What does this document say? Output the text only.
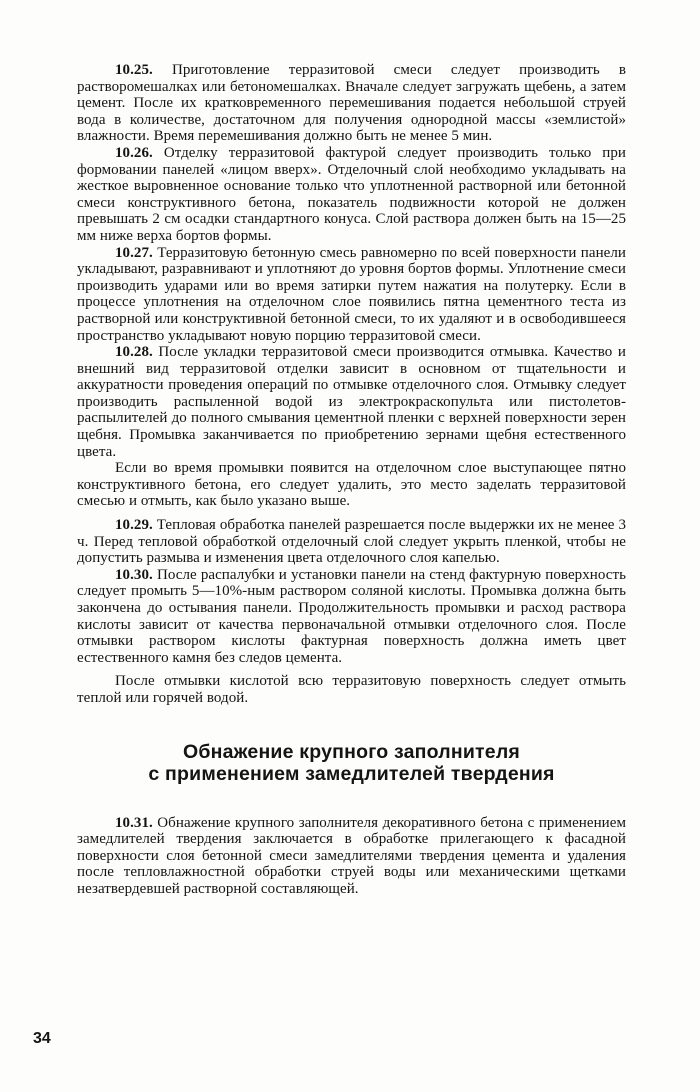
10.25. Приготовление терразитовой смеси следует производить в растворомешалках или бетономешалках. Вначале следует загружать щебень, а затем цемент. После их кратковременного перемешивания подается небольшой струей вода в количестве, достаточном для получения однородной массы «землистой» влажности. Время перемешивания должно быть не менее 5 мин.

10.26. Отделку терразитовой фактурой следует производить только при формовании панелей «лицом вверх». Отделочный слой необходимо укладывать на жесткое выровненное основание только что уплотненной растворной или бетонной смеси конструктивного бетона, показатель подвижности которой не должен превышать 2 см осадки стандартного конуса. Слой раствора должен быть на 15—25 мм ниже верха бортов формы.

10.27. Терразитовую бетонную смесь равномерно по всей поверхности панели укладывают, разравнивают и уплотняют до уровня бортов формы. Уплотнение смеси производить ударами или во время затирки путем нажатия на полутерку. Если в процессе уплотнения на отделочном слое появились пятна цементного теста из растворной или конструктивной бетонной смеси, то их удаляют и в освободившееся пространство укладывают новую порцию терразитовой смеси.

10.28. После укладки терразитовой смеси производится отмывка. Качество и внешний вид терразитовой отделки зависит в основном от тщательности и аккуратности проведения операций по отмывке отделочного слоя. Отмывку следует производить распыленной водой из электрокраскопульта или пистолетов-распылителей до полного смывания цементной пленки с верхней поверхности зерен щебня. Промывка заканчивается по приобретению зернами щебня естественного цвета.

Если во время промывки появится на отделочном слое выступающее пятно конструктивного бетона, его следует удалить, это место заделать терразитовой смесью и отмыть, как было указано выше.

10.29. Тепловая обработка панелей разрешается после выдержки их не менее 3 ч. Перед тепловой обработкой отделочный слой следует укрыть пленкой, чтобы не допустить размыва и изменения цвета отделочного слоя капелью.

10.30. После распалубки и установки панели на стенд фактурную поверхность следует промыть 5—10%-ным раствором соляной кислоты. Промывка должна быть закончена до остывания панели. Продолжительность промывки и расход раствора кислоты зависит от качества первоначальной отмывки отделочного слоя. После отмывки раствором кислоты фактурная поверхность должна иметь цвет естественного камня без следов цемента.

После отмывки кислотой всю терразитовую поверхность следует отмыть теплой или горячей водой.

Обнажение крупного заполнителя
с применением замедлителей твердения

10.31. Обнажение крупного заполнителя декоративного бетона с применением замедлителей твердения заключается в обработке прилегающего к фасадной поверхности слоя бетонной смеси замедлителями твердения цемента и удаления после тепловлажностной обработки струей воды или механическими щетками незатвердевшей растворной составляющей.

34
